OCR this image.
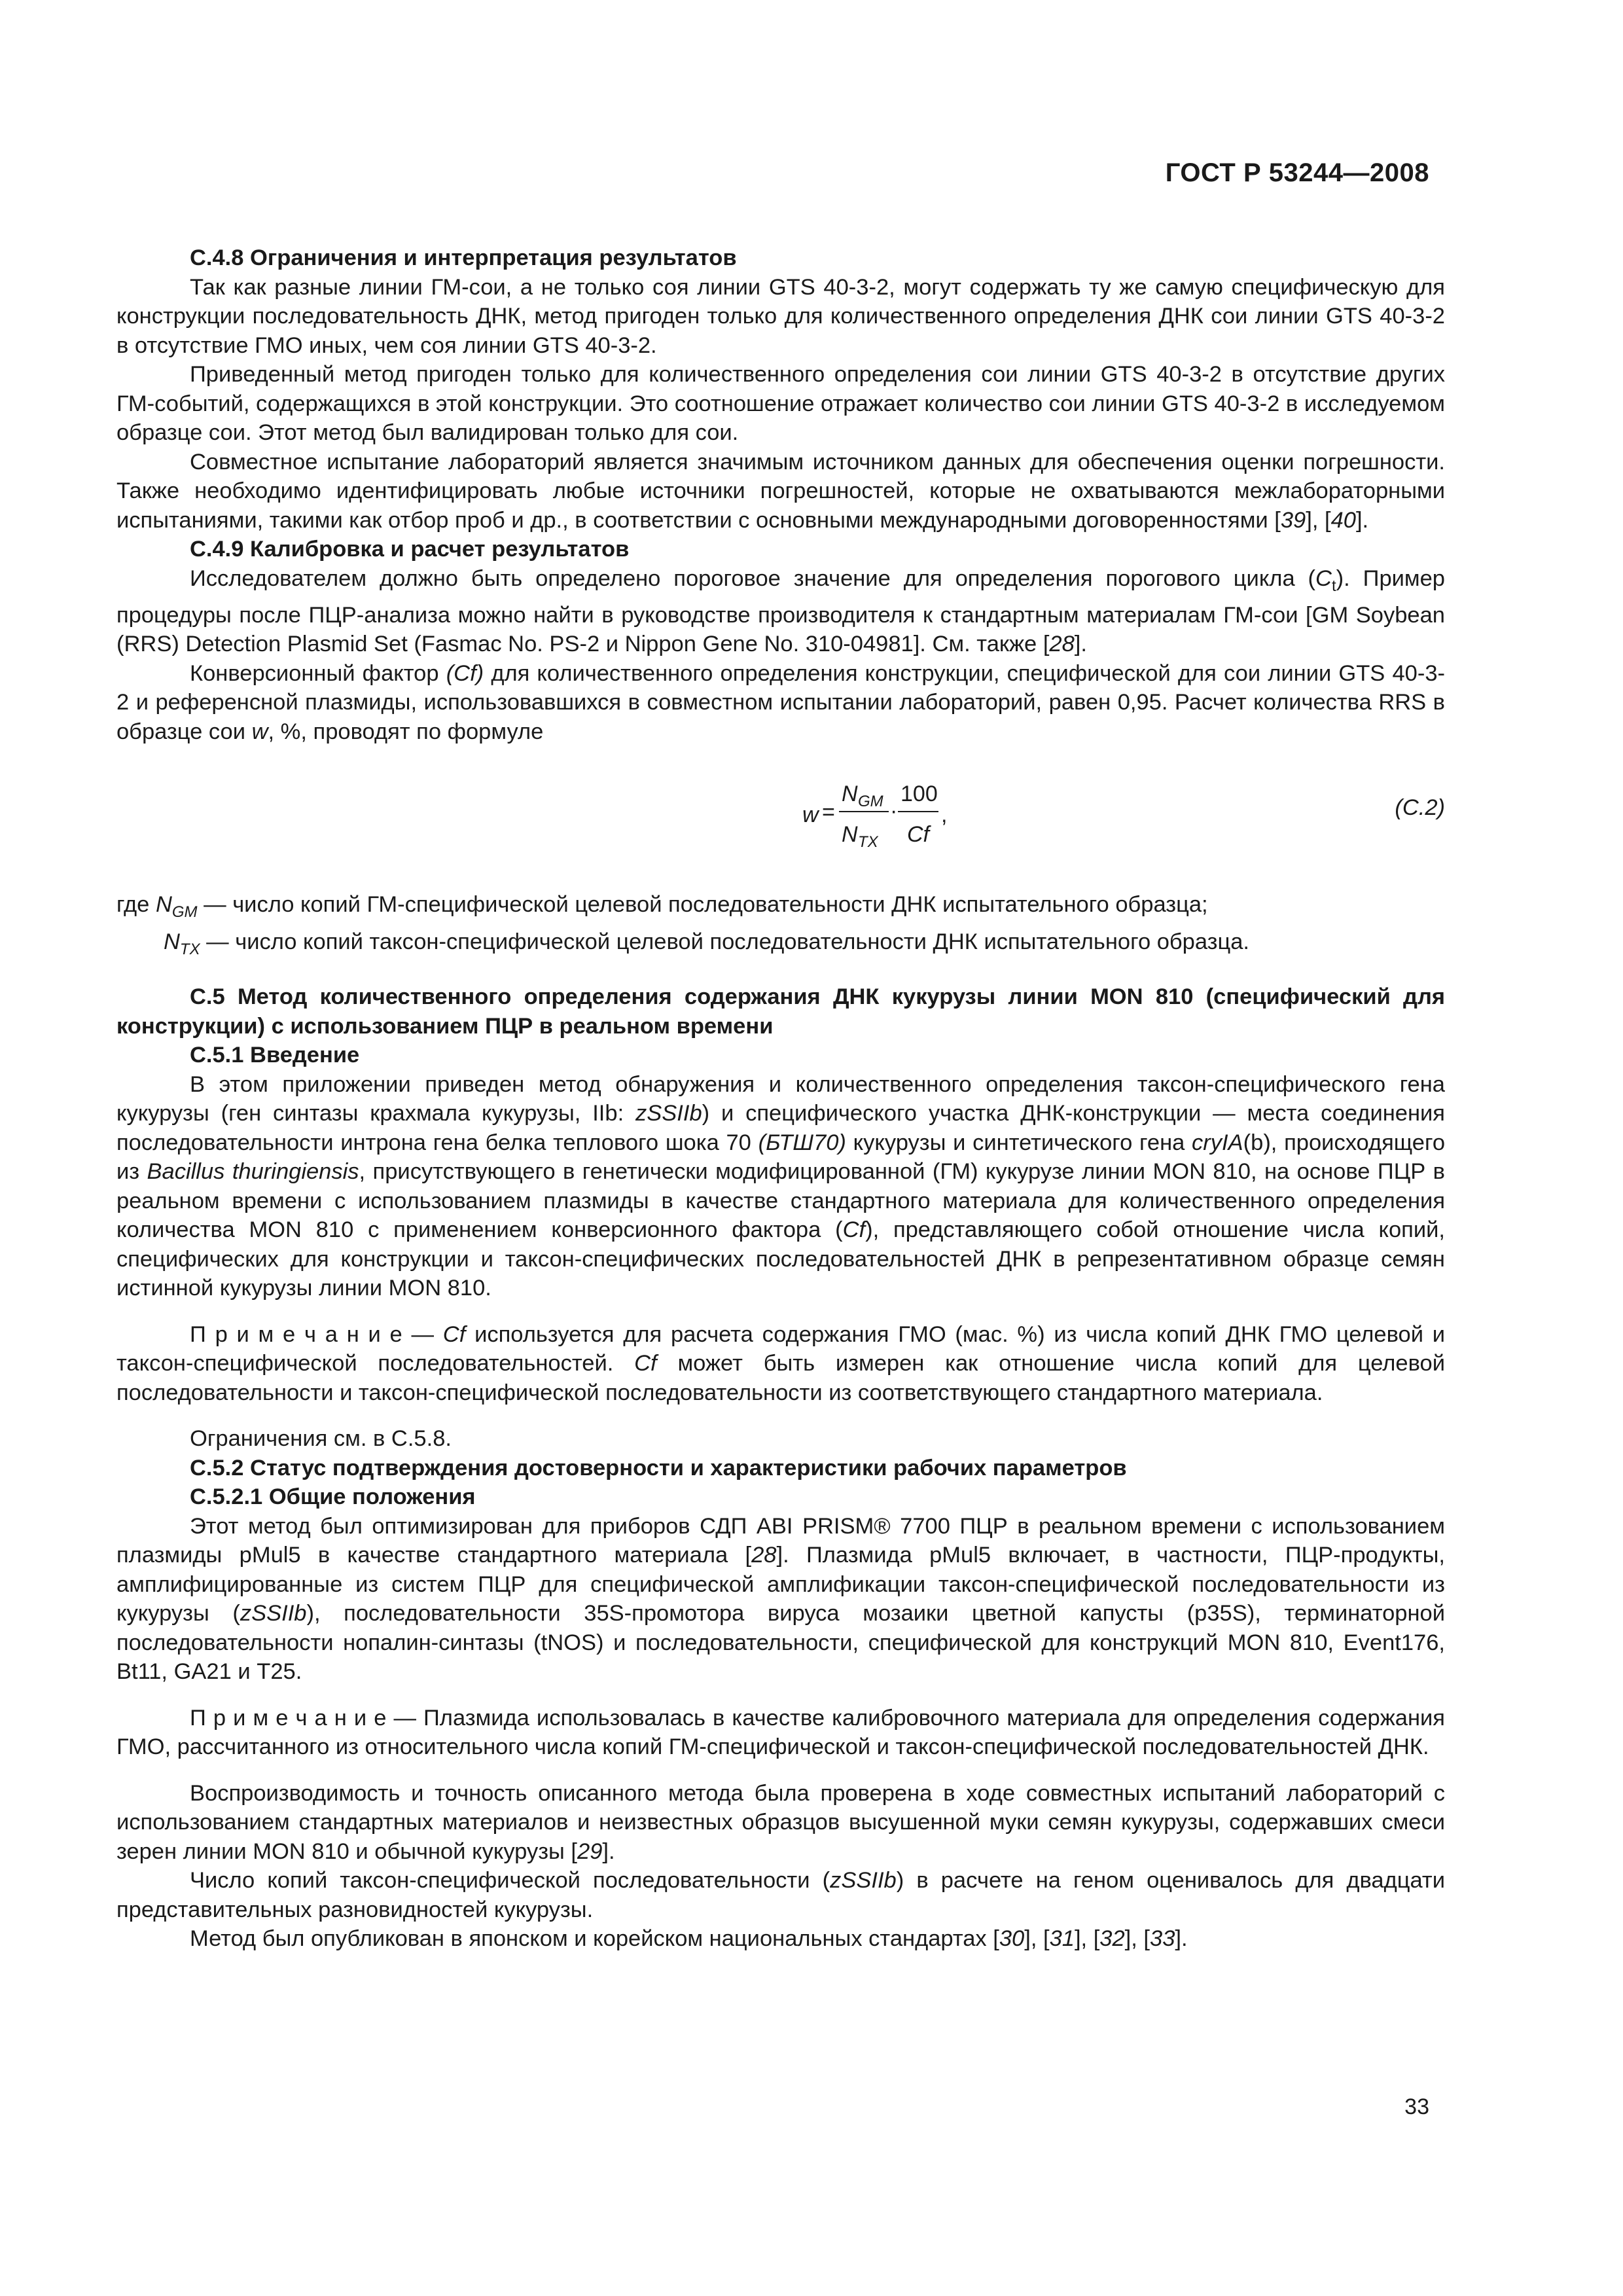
ГОСТ Р 53244—2008

С.4.8 Ограничения и интерпретация результатов

Так как разные линии ГМ-сои, а не только соя линии GTS 40-3-2, могут содержать ту же самую специфическую для конструкции последовательность ДНК, метод пригоден только для количественного определения ДНК сои линии GTS 40-3-2 в отсутствие ГМО иных, чем соя линии GTS 40-3-2.

Приведенный метод пригоден только для количественного определения сои линии GTS 40-3-2 в отсутствие других ГМ-событий, содержащихся в этой конструкции. Это соотношение отражает количество сои линии GTS 40-3-2 в исследуемом образце сои. Этот метод был валидирован только для сои.

Совместное испытание лабораторий является значимым источником данных для обеспечения оценки погрешности. Также необходимо идентифицировать любые источники погрешностей, которые не охватываются межлабораторными испытаниями, такими как отбор проб и др., в соответствии с основными международными договоренностями [39], [40].

С.4.9 Калибровка и расчет результатов

Исследователем должно быть определено пороговое значение для определения порогового цикла $(C_t)$. Пример процедуры после ПЦР-анализа можно найти в руководстве производителя к стандартным материалам ГМ-сои [GM Soybean (RRS) Detection Plasmid Set (Fasmac No. PS-2 и Nippon Gene No. 310-04981]. См. также [28].

Конверсионный фактор (Cf) для количественного определения конструкции, специфической для сои линии GTS 40-3-2 и референсной плазмиды, использовавшихся в совместном испытании лабораторий, равен 0,95. Расчет количества RRS в образце сои w, %, проводят по формуле

w =
N GM
N TX
·
100
Cf
,	(С.2)

где $N_{GM}$ — число копий ГМ-специфической целевой последовательности ДНК испытательного образца;

$N_{TX}$ — число копий таксон-специфической целевой последовательности ДНК испытательного образца.

С.5 Метод количественного определения содержания ДНК кукурузы линии MON 810 (специфический для конструкции) с использованием ПЦР в реальном времени

С.5.1 Введение

В этом приложении приведен метод обнаружения и количественного определения таксон-специфического гена кукурузы (ген синтазы крахмала кукурузы, IIb: zSSIIb) и специфического участка ДНК-конструкции — места соединения последовательности интрона гена белка теплового шока 70 (БТШ70) кукурузы и синтетического гена cryIA(b), происходящего из Bacillus thuringiensis, присутствующего в генетически модифицированной (ГМ) кукурузе линии MON 810, на основе ПЦР в реальном времени с использованием плазмиды в качестве стандартного материала для количественного определения количества MON 810 с применением конверсионного фактора (Cf), представляющего собой отношение числа копий, специфических для конструкции и таксон-специфических последовательностей ДНК в репрезентативном образце семян истинной кукурузы линии MON 810.

П р и м е ч а н и е — Cf используется для расчета содержания ГМО (мас. %) из числа копий ДНК ГМО целевой и таксон-специфической последовательностей. Cf может быть измерен как отношение числа копий для целевой последовательности и таксон-специфической последовательности из соответствующего стандартного материала.

Ограничения см. в С.5.8.

С.5.2 Статус подтверждения достоверности и характеристики рабочих параметров

С.5.2.1 Общие положения

Этот метод был оптимизирован для приборов СДП ABI PRISM® 7700 ПЦР в реальном времени с использованием плазмиды pMul5 в качестве стандартного материала [28]. Плазмида pMul5 включает, в частности, ПЦР-продукты, амплифицированные из систем ПЦР для специфической амплификации таксон-специфической последовательности из кукурузы (zSSIIb), последовательности 35S-промотора вируса мозаики цветной капусты (p35S), терминаторной последовательности нопалин-синтазы (tNOS) и последовательности, специфической для конструкций MON 810, Event176, Bt11, GA21 и T25.

П р и м е ч а н и е — Плазмида использовалась в качестве калибровочного материала для определения содержания ГМО, рассчитанного из относительного числа копий ГМ-специфической и таксон-специфической последовательностей ДНК.

Воспроизводимость и точность описанного метода была проверена в ходе совместных испытаний лабораторий с использованием стандартных материалов и неизвестных образцов высушенной муки семян кукурузы, содержавших смеси зерен линии MON 810 и обычной кукурузы [29].

Число копий таксон-специфической последовательности (zSSIIb) в расчете на геном оценивалось для двадцати представительных разновидностей кукурузы.

Метод был опубликован в японском и корейском национальных стандартах [30], [31], [32], [33].

33
